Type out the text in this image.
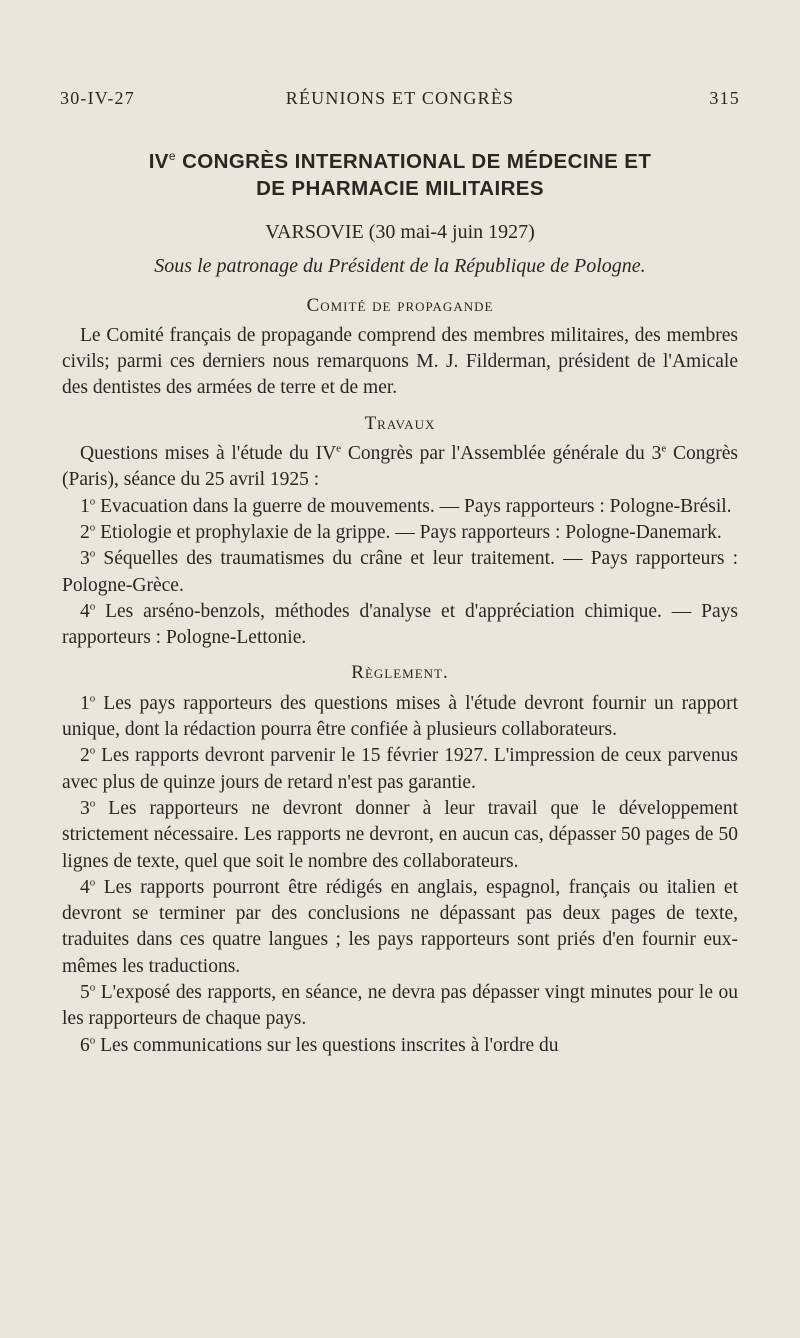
30-IV-27	RÉUNIONS ET CONGRÈS	315
IVe CONGRÈS INTERNATIONAL DE MÉDECINE ET
DE PHARMACIE MILITAIRES
VARSOVIE (30 mai-4 juin 1927)
Sous le patronage du Président de la République de Pologne.
Comité de propagande

Le Comité français de propagande comprend des membres militaires, des membres civils; parmi ces derniers nous remarquons M. J. Filderman, président de l'Amicale des dentistes des armées de terre et de mer.

Travaux

Questions mises à l'étude du IVe Congrès par l'Assemblée générale du 3e Congrès (Paris), séance du 25 avril 1925 :

1$^o$ Evacuation dans la guerre de mouvements. — Pays rapporteurs : Pologne-Brésil.

2$^o$ Etiologie et prophylaxie de la grippe. — Pays rapporteurs : Pologne-Danemark.

3$^o$ Séquelles des traumatismes du crâne et leur traitement. — Pays rapporteurs : Pologne-Grèce.

4$^o$ Les arséno-benzols, méthodes d'analyse et d'appréciation chimique. — Pays rapporteurs : Pologne-Lettonie.

Règlement.

1$^o$ Les pays rapporteurs des questions mises à l'étude devront fournir un rapport unique, dont la rédaction pourra être confiée à plusieurs collaborateurs.

2$^o$ Les rapports devront parvenir le 15 février 1927. L'impression de ceux parvenus avec plus de quinze jours de retard n'est pas garantie.

3$^o$ Les rapporteurs ne devront donner à leur travail que le développement strictement nécessaire. Les rapports ne devront, en aucun cas, dépasser 50 pages de 50 lignes de texte, quel que soit le nombre des collaborateurs.

4$^o$ Les rapports pourront être rédigés en anglais, espagnol, français ou italien et devront se terminer par des conclusions ne dépassant pas deux pages de texte, traduites dans ces quatre langues ; les pays rapporteurs sont priés d'en fournir eux-mêmes les traductions.

5$^o$ L'exposé des rapports, en séance, ne devra pas dépasser vingt minutes pour le ou les rapporteurs de chaque pays.

6$^o$ Les communications sur les questions inscrites à l'ordre du
